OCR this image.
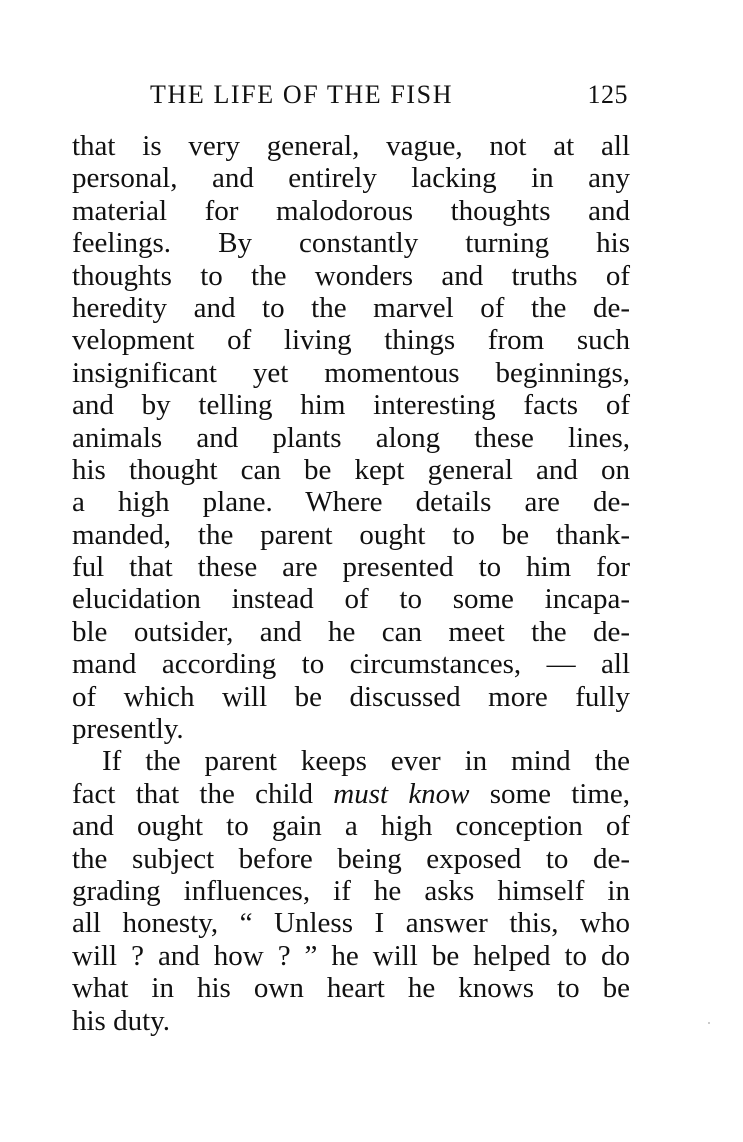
THE LIFE OF THE FISH	125
that is very general, vague, not at all
personal, and entirely lacking in any
material for malodorous thoughts and
feelings. By constantly turning his
thoughts to the wonders and truths of
heredity and to the marvel of the de-
velopment of living things from such
insignificant yet momentous beginnings,
and by telling him interesting facts of
animals and plants along these lines,
his thought can be kept general and on
a high plane. Where details are de-
manded, the parent ought to be thank-
ful that these are presented to him for
elucidation instead of to some incapa-
ble outsider, and he can meet the de-
mand according to circumstances, — all
of which will be discussed more fully
presently.
If the parent keeps ever in mind the
fact that the child must know some time,
and ought to gain a high conception of
the subject before being exposed to de-
grading influences, if he asks himself in
all honesty, “ Unless I answer this, who
will ? and how ? ” he will be helped to do
what in his own heart he knows to be
his duty.
